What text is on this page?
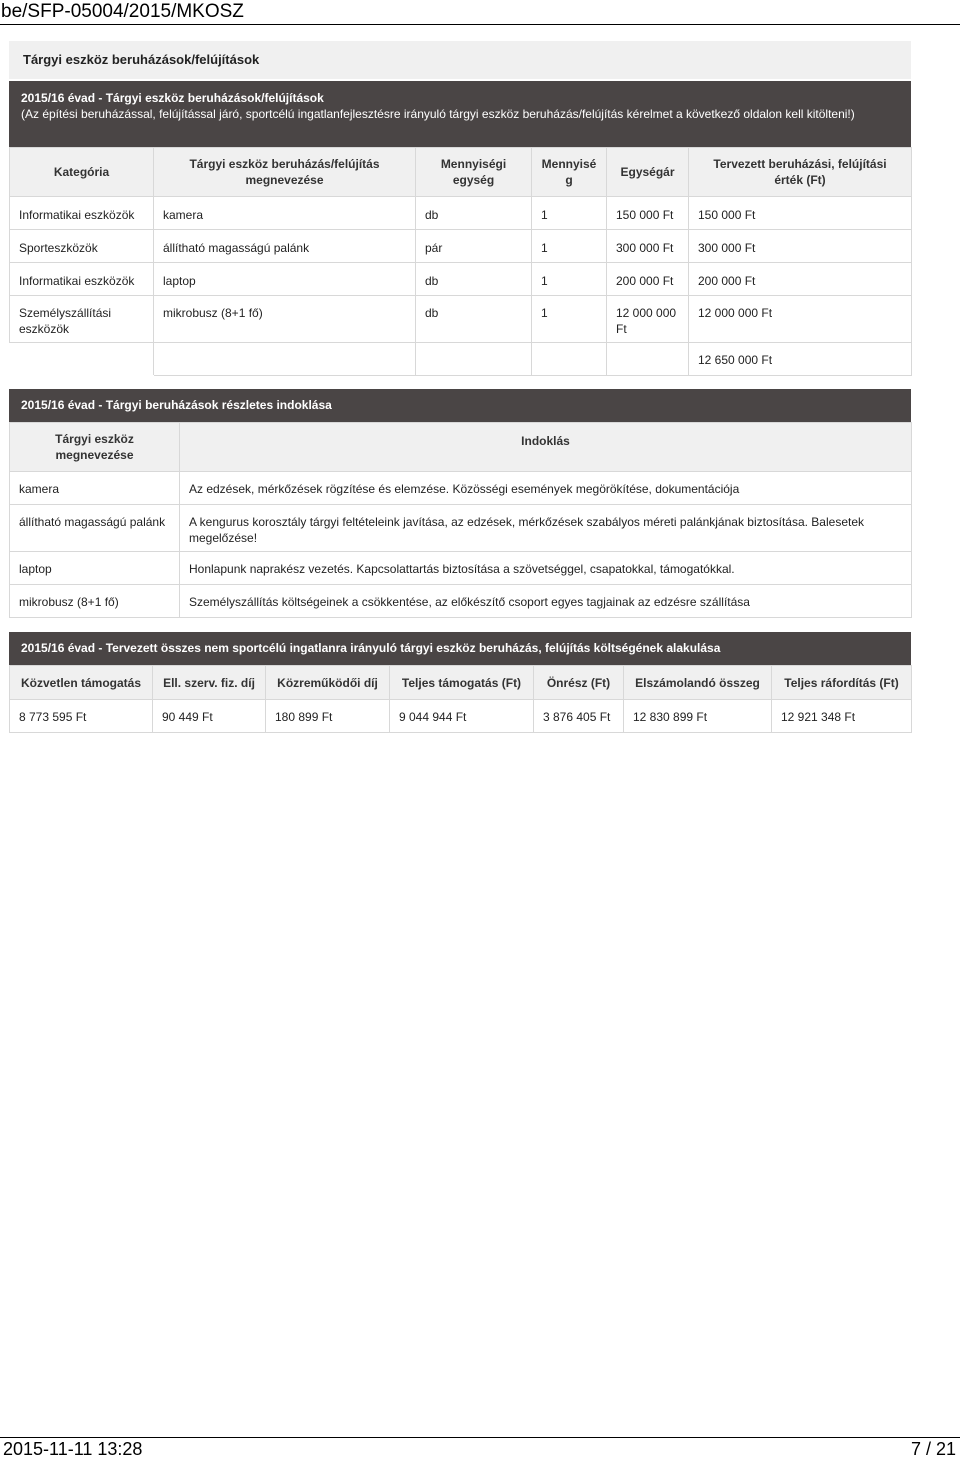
be/SFP-05004/2015/MKOSZ
Tárgyi eszköz beruházások/felújítások
2015/16 évad - Tárgyi eszköz beruházások/felújítások
(Az építési beruházással, felújítással járó, sportcélú ingatlanfejlesztésre irányuló tárgyi eszköz beruházás/felújítás kérelmet a következő oldalon kell kitölteni!)
Kategória	Tárgyi eszköz beruházás/felújítás megnevezése	Mennyiségi egység	Mennyisé g	Egységár	Tervezett beruházási, felújítási érték (Ft)
Informatikai eszközök	kamera	db	1	150 000 Ft	150 000 Ft
Sporteszközök	állítható magasságú palánk	pár	1	300 000 Ft	300 000 Ft
Informatikai eszközök	laptop	db	1	200 000 Ft	200 000 Ft
Személyszállítási eszközök	mikrobusz (8+1 fő)	db	1	12 000 000 Ft	12 000 000 Ft
					12 650 000 Ft
2015/16 évad - Tárgyi beruházások részletes indoklása
Tárgyi eszköz megnevezése	Indoklás
kamera	Az edzések, mérkőzések rögzítése és elemzése. Közösségi események megörökítése, dokumentációja
állítható magasságú palánk	A kengurus korosztály tárgyi feltételeink javítása, az edzések, mérkőzések szabályos méreti palánkjának biztosítása. Balesetek megelőzése!
laptop	Honlapunk naprakész vezetés. Kapcsolattartás biztosítása a szövetséggel, csapatokkal, támogatókkal.
mikrobusz (8+1 fő)	Személyszállítás költségeinek a csökkentése, az előkészítő csoport egyes tagjainak az edzésre szállítása
2015/16 évad - Tervezett összes nem sportcélú ingatlanra irányuló tárgyi eszköz beruházás, felújítás költségének alakulása
Közvetlen támogatás	Ell. szerv. fiz. díj	Közreműködői díj	Teljes támogatás (Ft)	Önrész (Ft)	Elszámolandó összeg	Teljes ráfordítás (Ft)
8 773 595 Ft	90 449 Ft	180 899 Ft	9 044 944 Ft	3 876 405 Ft	12 830 899 Ft	12 921 348 Ft
2015-11-11 13:28	7 / 21
